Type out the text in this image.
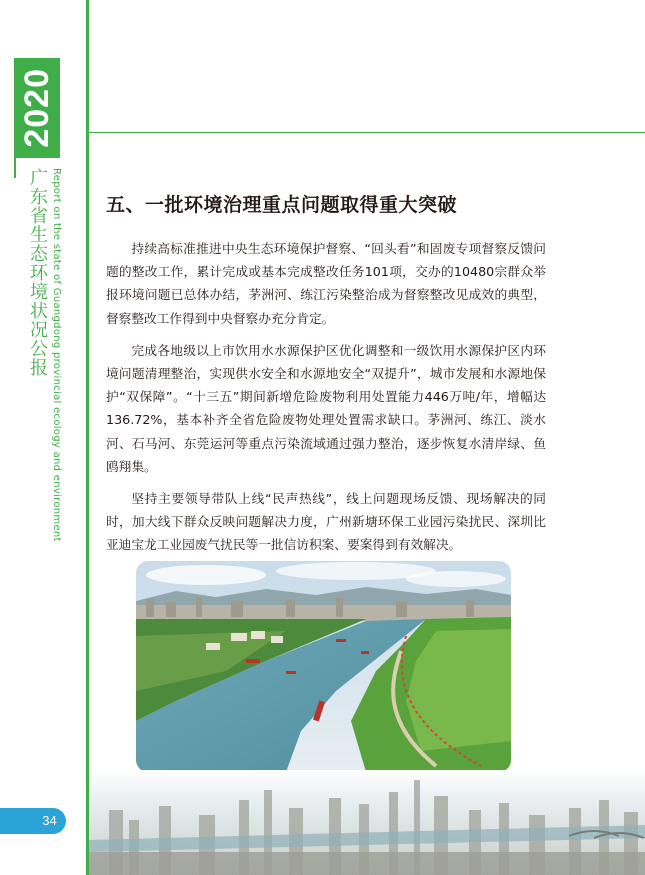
2020
广东省生态环境状况公报 Report on the state of Guangdong provincial ecology and environment 五、一批环境治理重点问题取得重大突破

持续高标准推进中央生态环境保护督察、“回头看”和固废专项督察反馈问题的整改工作，累计完成或基本完成整改任务101项，交办的10480宗群众举报环境问题已总体办结，茅洲河、练江污染整治成为督察整改见成效的典型，督察整改工作得到中央督察办充分肯定。

完成各地级以上市饮用水水源保护区优化调整和一级饮用水源保护区内环境问题清理整治，实现供水安全和水源地安全“双提升”，城市发展和水源地保护“双保障”。“十三五”期间新增危险废物利用处置能力446万吨/年，增幅达136.72%，基本补齐全省危险废物处理处置需求缺口。茅洲河、练江、淡水河、石马河、东莞运河等重点污染流域通过强力整治，逐步恢复水清岸绿、鱼鸥翔集。

坚持主要领导带队上线“民声热线”，线上问题现场反馈、现场解决的同时，加大线下群众反映问题解决力度，广州新塘环保工业园污染扰民、深圳比亚迪宝龙工业园废气扰民等一批信访积案、要案得到有效解决。

34
